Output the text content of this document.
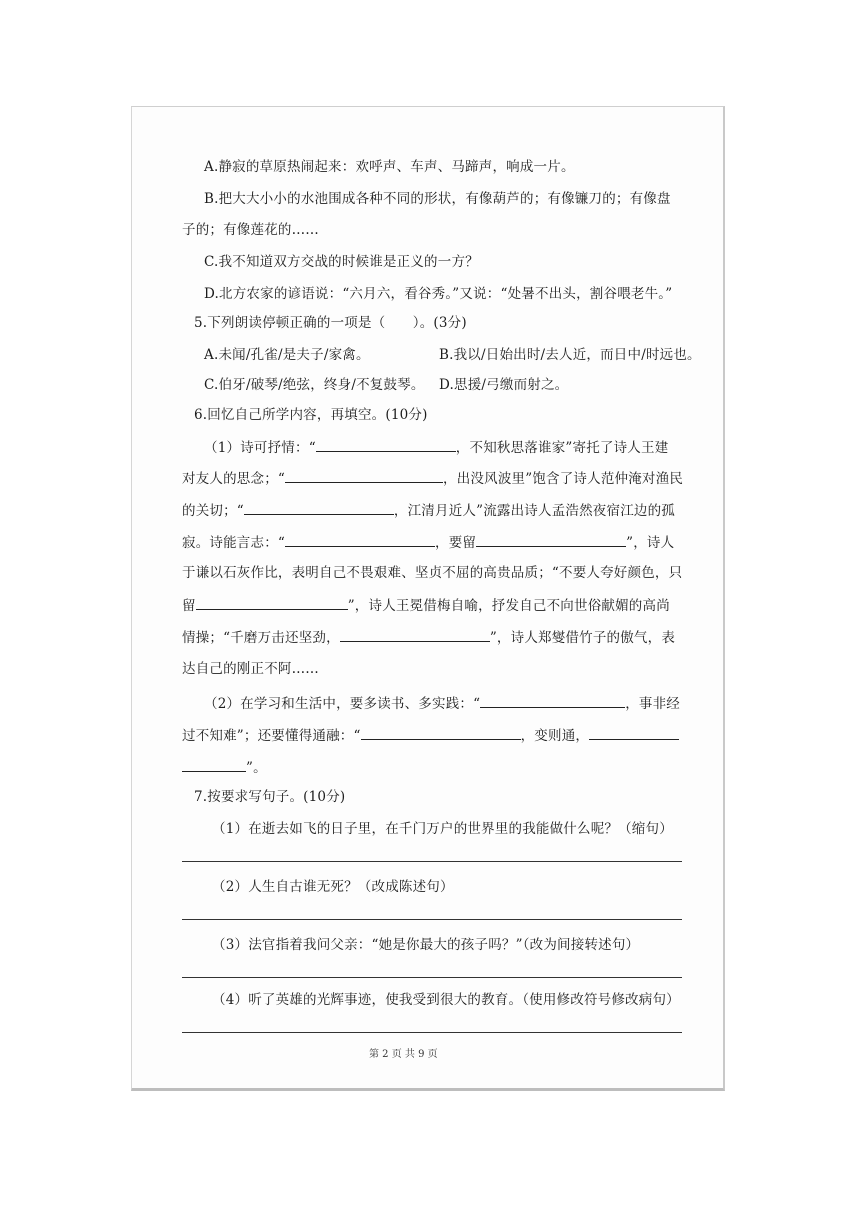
A.静寂的草原热闹起来：欢呼声、车声、马蹄声，响成一片。
B.把大大小小的水池围成各种不同的形状，有像葫芦的；有像镰刀的；有像盘
子的；有像莲花的……
C.我不知道双方交战的时候谁是正义的一方？
D.北方农家的谚语说：“六月六，看谷秀。”又说：“处暑不出头，割谷喂老牛。”
5.下列朗读停顿正确的一项是（　　）。(3分)
A.未闻/孔雀/是夫子/家禽。	B.我以/日始出时/去人近，而日中/时远也。
C.伯牙/破琴/绝弦，终身/不复鼓琴。 D.思援/弓缴而射之。
6.回忆自己所学内容，再填空。(10分)
（1）诗可抒情：“	，不知秋思落谁家”寄托了诗人王建
对友人的思念；“	，出没风波里”饱含了诗人范仲淹对渔民
的关切；“	，江清月近人”流露出诗人孟浩然夜宿江边的孤
寂。诗能言志：“	，要留	”，诗人
于谦以石灰作比，表明自己不畏艰难、坚贞不屈的高贵品质；“不要人夸好颜色，只
留	”，诗人王冕借梅自喻，抒发自己不向世俗献媚的高尚
情操；“千磨万击还坚劲，	”，诗人郑燮借竹子的傲气，表
达自己的刚正不阿……
（2）在学习和生活中，要多读书、多实践：“	，事非经
过不知难”；还要懂得通融：“	，变则通，
”。
7.按要求写句子。(10分)
（1）在逝去如飞的日子里，在千门万户的世界里的我能做什么呢？（缩句）
（2）人生自古谁无死？（改成陈述句）
（3）法官指着我问父亲：“她是你最大的孩子吗？”（改为间接转述句）
（4）听了英雄的光辉事迹，使我受到很大的教育。（使用修改符号修改病句）
第 2 页 共 9 页
